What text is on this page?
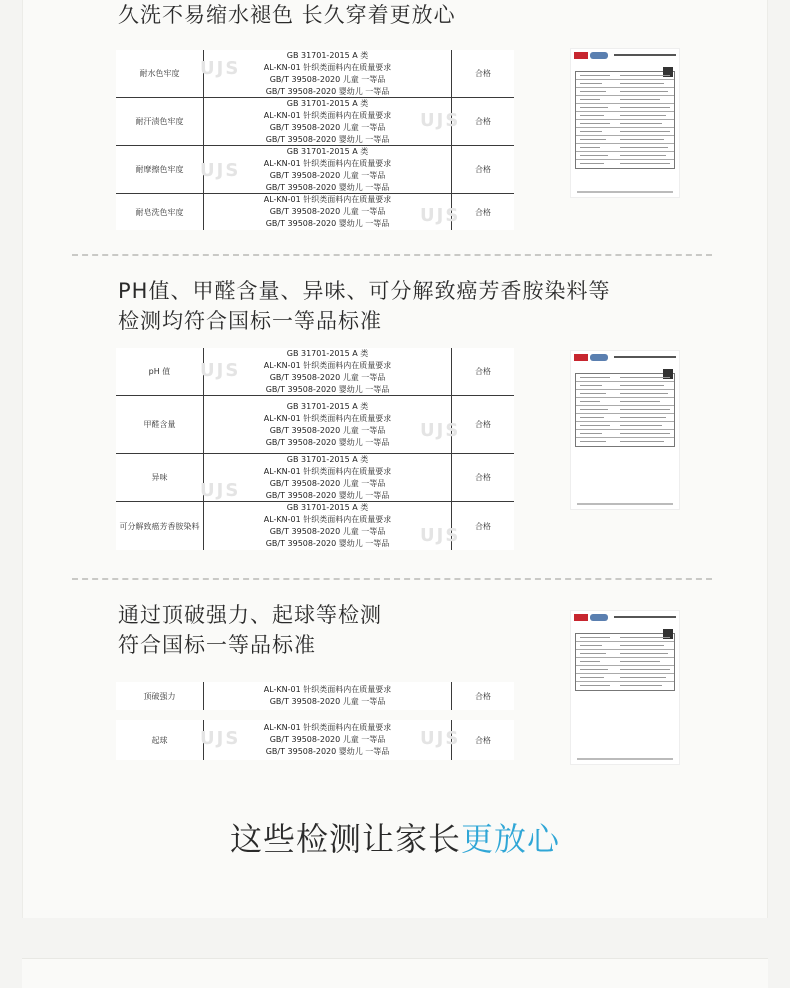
久洗不易缩水褪色 长久穿着更放心
耐水色牢度
GB 31701-2015 A 类
AL-KN-01 针织类面料内在质量要求
GB/T 39508-2020 儿童 一等品
GB/T 39508-2020 婴幼儿 一等品
合格
耐汗渍色牢度
GB 31701-2015 A 类
AL-KN-01 针织类面料内在质量要求
GB/T 39508-2020 儿童 一等品
GB/T 39508-2020 婴幼儿 一等品
合格
耐摩擦色牢度
GB 31701-2015 A 类
AL-KN-01 针织类面料内在质量要求
GB/T 39508-2020 儿童 一等品
GB/T 39508-2020 婴幼儿 一等品
合格
耐皂洗色牢度
AL-KN-01 针织类面料内在质量要求
GB/T 39508-2020 儿童 一等品
GB/T 39508-2020 婴幼儿 一等品
合格
PH值、甲醛含量、异味、可分解致癌芳香胺染料等
检测均符合国标一等品标准
pH 值
GB 31701-2015 A 类
AL-KN-01 针织类面料内在质量要求
GB/T 39508-2020 儿童 一等品
GB/T 39508-2020 婴幼儿 一等品
合格
甲醛含量
GB 31701-2015 A 类
AL-KN-01 针织类面料内在质量要求
GB/T 39508-2020 儿童 一等品
GB/T 39508-2020 婴幼儿 一等品
合格
异味
GB 31701-2015 A 类
AL-KN-01 针织类面料内在质量要求
GB/T 39508-2020 儿童 一等品
GB/T 39508-2020 婴幼儿 一等品
合格
可分解致癌芳香胺染料
GB 31701-2015 A 类
AL-KN-01 针织类面料内在质量要求
GB/T 39508-2020 儿童 一等品
GB/T 39508-2020 婴幼儿 一等品
合格
通过顶破强力、起球等检测
符合国标一等品标准
顶破强力
AL-KN-01 针织类面料内在质量要求
GB/T 39508-2020 儿童 一等品
合格
起球
AL-KN-01 针织类面料内在质量要求
GB/T 39508-2020 儿童 一等品
GB/T 39508-2020 婴幼儿 一等品
合格
UJS
UJS
UJS
UJS
UJS
UJS
UJS
UJS
UJS	UJS
这些检测让家长更放心
